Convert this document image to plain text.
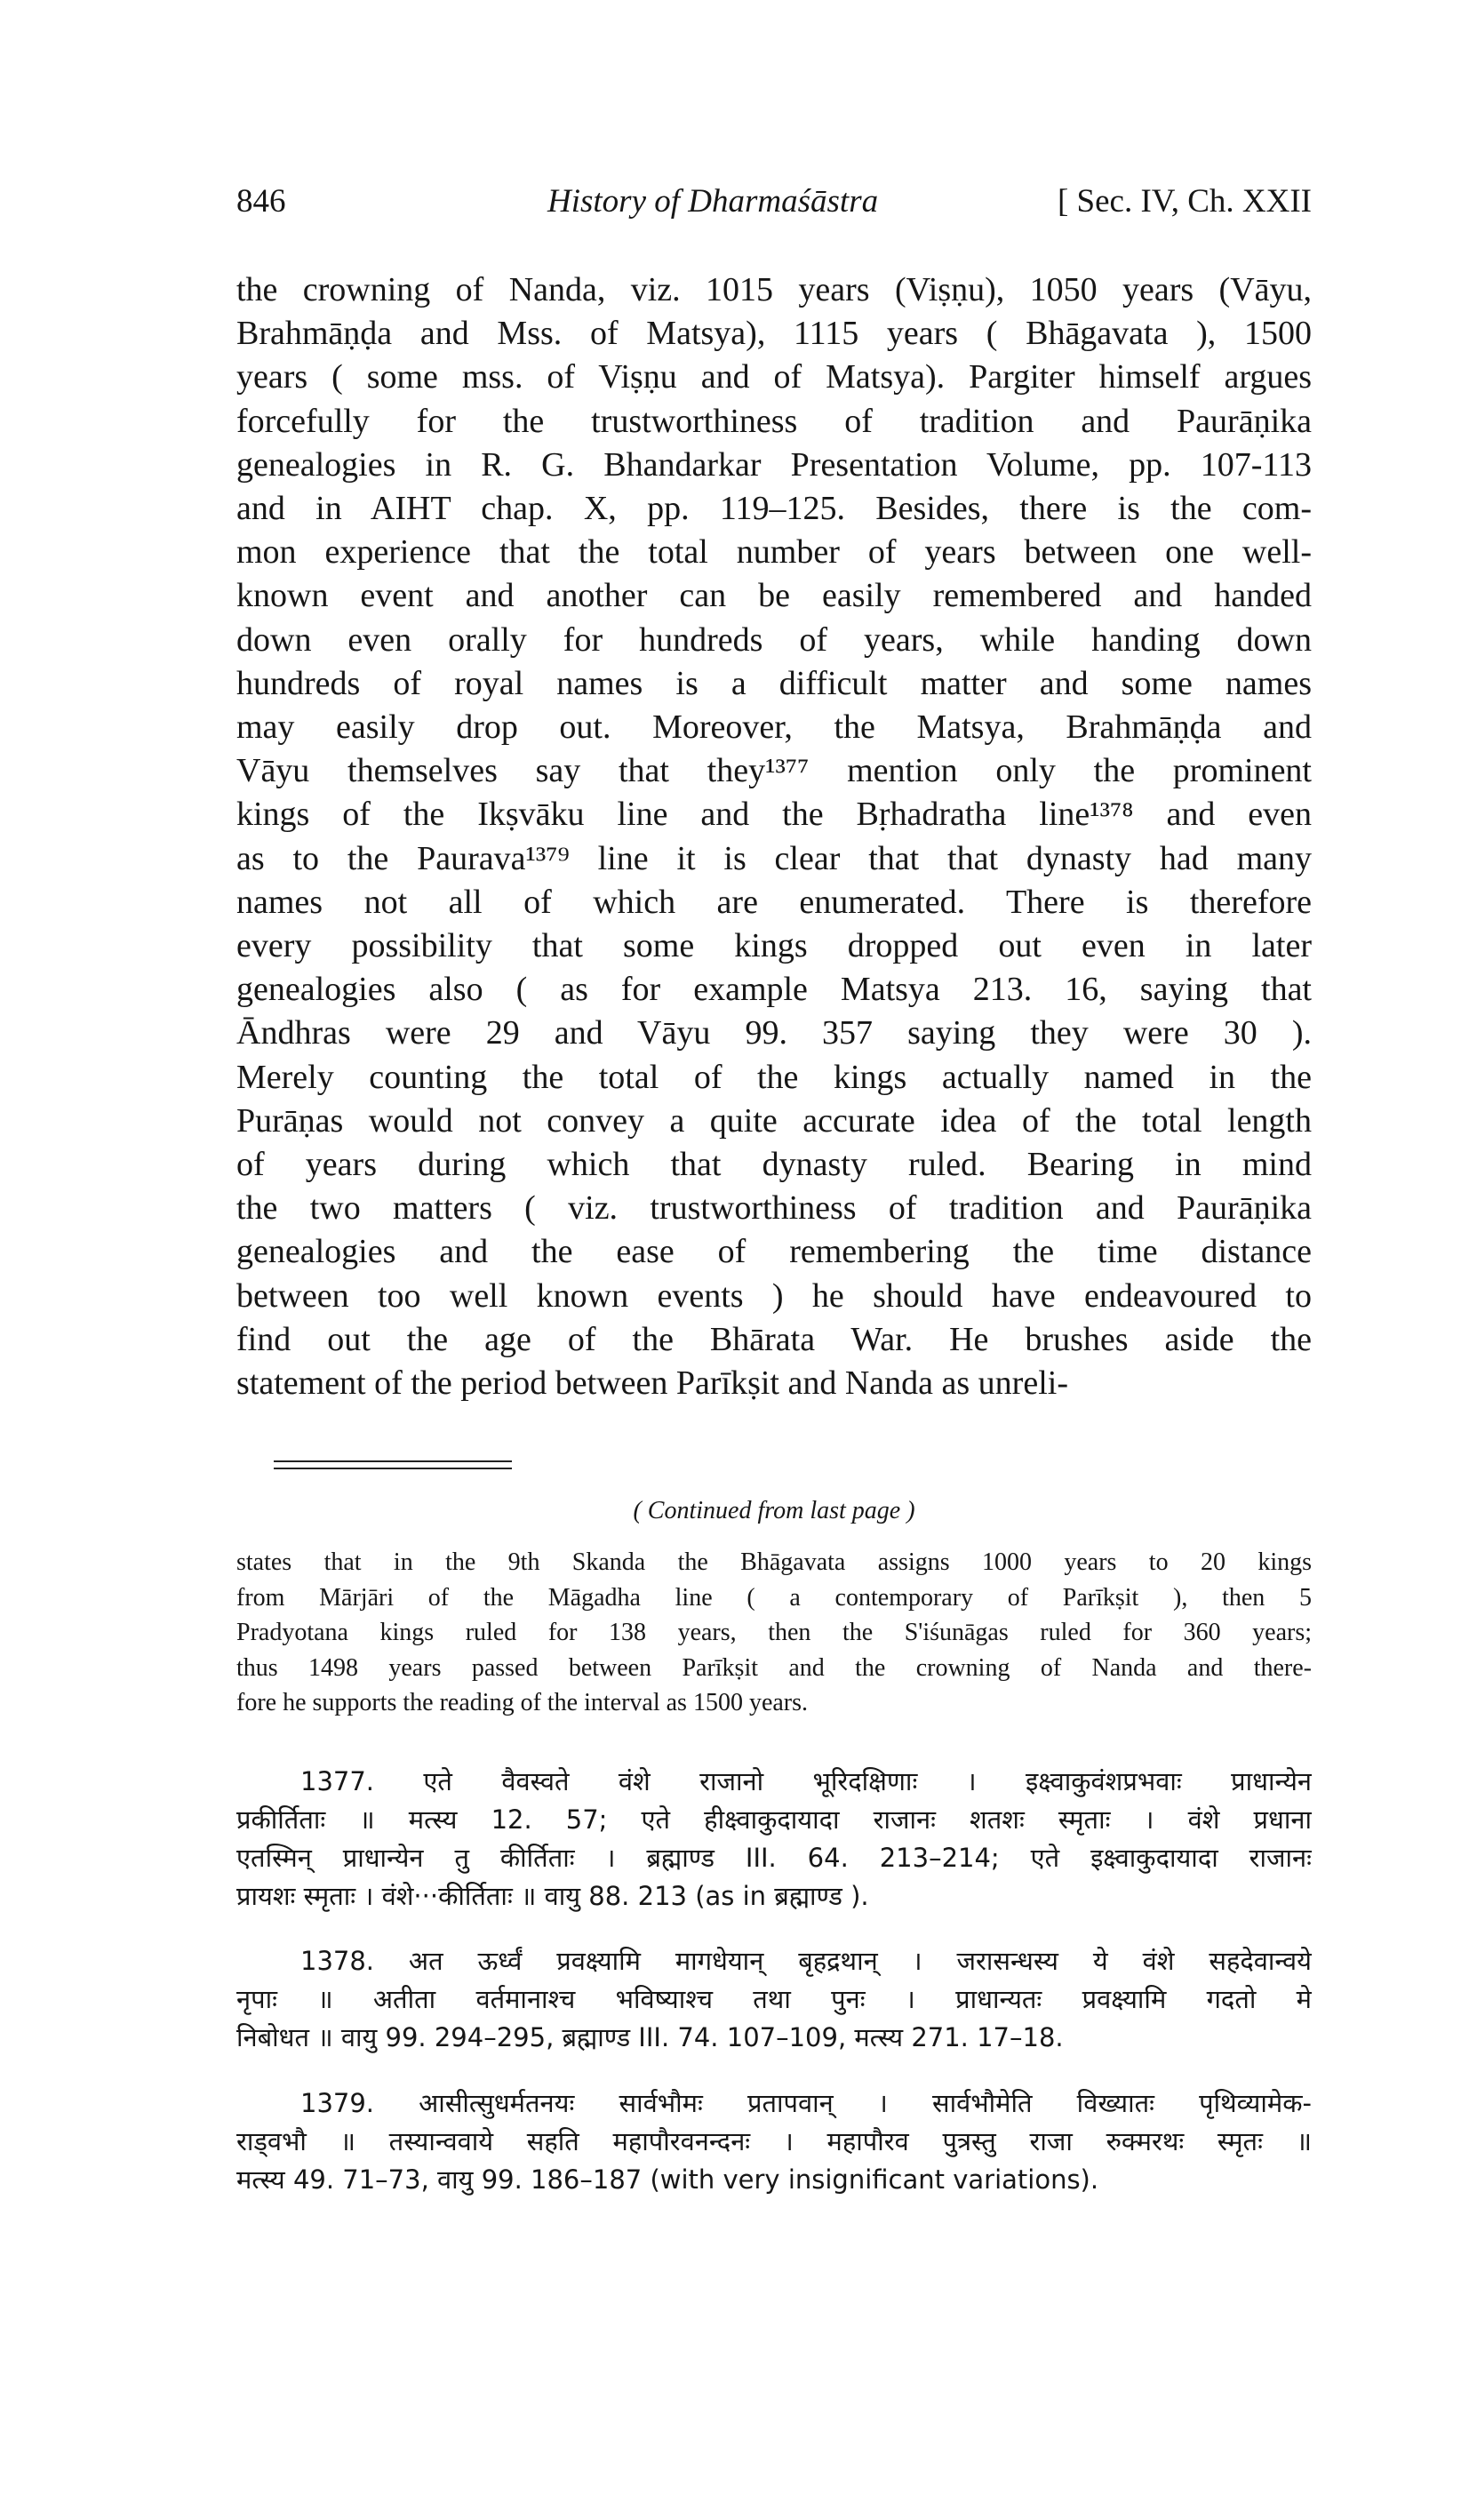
846	History of Dharmaśāstra	[ Sec. IV, Ch. XXII
the crowning of Nanda, viz. 1015 years (Viṣṇu), 1050 years (Vāyu,
Brahmāṇḍa and Mss. of Matsya), 1115 years ( Bhāgavata ), 1500
years ( some mss. of Viṣṇu and of Matsya). Pargiter himself argues
forcefully for the trustworthiness of tradition and Paurāṇika
genealogies in R. G. Bhandarkar Presentation Volume, pp. 107-113
and in AIHT chap. X, pp. 119–125. Besides, there is the com-
mon experience that the total number of years between one well-
known event and another can be easily remembered and handed
down even orally for hundreds of years, while handing down
hundreds of royal names is a difficult matter and some names
may easily drop out. Moreover, the Matsya, Brahmāṇḍa and
Vāyu themselves say that they¹³⁷⁷ mention only the prominent
kings of the Ikṣvāku line and the Bṛhadratha line¹³⁷⁸ and even
as to the Paurava¹³⁷⁹ line it is clear that that dynasty had many
names not all of which are enumerated. There is therefore
every possibility that some kings dropped out even in later
genealogies also ( as for example Matsya 213. 16, saying that
Āndhras were 29 and Vāyu 99. 357 saying they were 30 ).
Merely counting the total of the kings actually named in the
Purāṇas would not convey a quite accurate idea of the total length
of years during which that dynasty ruled. Bearing in mind
the two matters ( viz. trustworthiness of tradition and Paurāṇika
genealogies and the ease of remembering the time distance
between too well known events ) he should have endeavoured to
find out the age of the Bhārata War. He brushes aside the
statement of the period between Parīkṣit and Nanda as unreli-
( Continued from last page )
states that in the 9th Skanda the Bhāgavata assigns 1000 years to 20 kings
from Mārjāri of the Māgadha line ( a contemporary of Parīkṣit ), then 5
Pradyotana kings ruled for 138 years, then the S'iśunāgas ruled for 360 years;
thus 1498 years passed between Parīkṣit and the crowning of Nanda and there-
fore he supports the reading of the interval as 1500 years.
1377. एते वैवस्वते वंशे राजानो भूरिदक्षिणाः । इक्ष्वाकुवंशप्रभवाः प्राधान्येन
प्रकीर्तिताः ॥ मत्स्य 12. 57; एते हीक्ष्वाकुदायादा राजानः शतशः स्मृताः । वंशे प्रधाना
एतस्मिन् प्राधान्येन तु कीर्तिताः । ब्रह्माण्ड III. 64. 213–214; एते इक्ष्वाकुदायादा राजानः
प्रायशः स्मृताः । वंशे···कीर्तिताः ॥ वायु 88. 213 (as in ब्रह्माण्ड ).
1378. अत ऊर्ध्वं प्रवक्ष्यामि मागधेयान् बृहद्रथान् । जरासन्धस्य ये वंशे सहदेवान्वये
नृपाः ॥ अतीता वर्तमानाश्च भविष्याश्च तथा पुनः । प्राधान्यतः प्रवक्ष्यामि गदतो मे
निबोधत ॥ वायु 99. 294–295, ब्रह्माण्ड III. 74. 107–109, मत्स्य 271. 17–18.
1379. आसीत्सुधर्मतनयः सार्वभौमः प्रतापवान् । सार्वभौमेति विख्यातः पृथिव्यामेक-
राड्वभौ ॥ तस्यान्ववाये सहति महापौरवनन्दनः । महापौरव पुत्रस्तु राजा रुक्मरथः स्मृतः ॥
मत्स्य 49. 71–73, वायु 99. 186–187 (with very insignificant variations).
